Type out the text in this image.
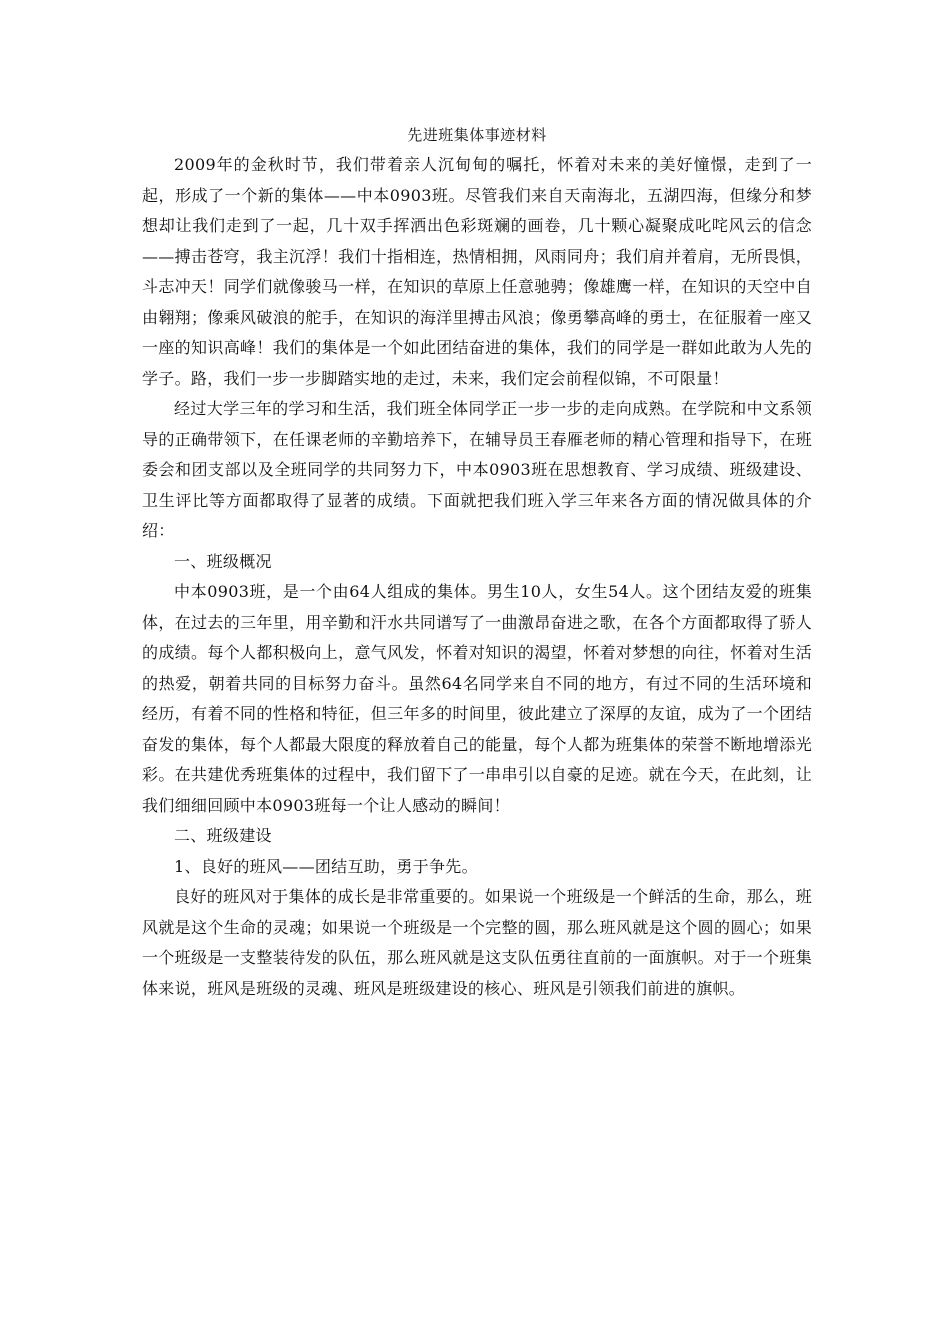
先进班集体事迹材料

2009年的金秋时节，我们带着亲人沉甸甸的嘱托，怀着对未来的美好憧憬，走到了一起，形成了一个新的集体——中本0903班。尽管我们来自天南海北，五湖四海，但缘分和梦想却让我们走到了一起，几十双手挥洒出色彩斑斓的画卷，几十颗心凝聚成叱咤风云的信念——搏击苍穹，我主沉浮！我们十指相连，热情相拥，风雨同舟；我们肩并着肩，无所畏惧，斗志冲天！同学们就像骏马一样，在知识的草原上任意驰骋；像雄鹰一样，在知识的天空中自由翱翔；像乘风破浪的舵手，在知识的海洋里搏击风浪；像勇攀高峰的勇士，在征服着一座又一座的知识高峰！我们的集体是一个如此团结奋进的集体，我们的同学是一群如此敢为人先的学子。路，我们一步一步脚踏实地的走过，未来，我们定会前程似锦，不可限量！

经过大学三年的学习和生活，我们班全体同学正一步一步的走向成熟。在学院和中文系领导的正确带领下，在任课老师的辛勤培养下，在辅导员王春雁老师的精心管理和指导下，在班委会和团支部以及全班同学的共同努力下，中本0903班在思想教育、学习成绩、班级建设、卫生评比等方面都取得了显著的成绩。下面就把我们班入学三年来各方面的情况做具体的介绍：

一、班级概况

中本0903班，是一个由64人组成的集体。男生10人，女生54人。这个团结友爱的班集体，在过去的三年里，用辛勤和汗水共同谱写了一曲激昂奋进之歌，在各个方面都取得了骄人的成绩。每个人都积极向上，意气风发，怀着对知识的渴望，怀着对梦想的向往，怀着对生活的热爱，朝着共同的目标努力奋斗。虽然64名同学来自不同的地方，有过不同的生活环境和经历，有着不同的性格和特征，但三年多的时间里，彼此建立了深厚的友谊，成为了一个团结奋发的集体，每个人都最大限度的释放着自己的能量，每个人都为班集体的荣誉不断地增添光彩。在共建优秀班集体的过程中，我们留下了一串串引以自豪的足迹。就在今天，在此刻，让我们细细回顾中本0903班每一个让人感动的瞬间！

二、班级建设

1、良好的班风——团结互助，勇于争先。

良好的班风对于集体的成长是非常重要的。如果说一个班级是一个鲜活的生命，那么，班风就是这个生命的灵魂；如果说一个班级是一个完整的圆，那么班风就是这个圆的圆心；如果一个班级是一支整装待发的队伍，那么班风就是这支队伍勇往直前的一面旗帜。对于一个班集体来说，班风是班级的灵魂、班风是班级建设的核心、班风是引领我们前进的旗帜。
